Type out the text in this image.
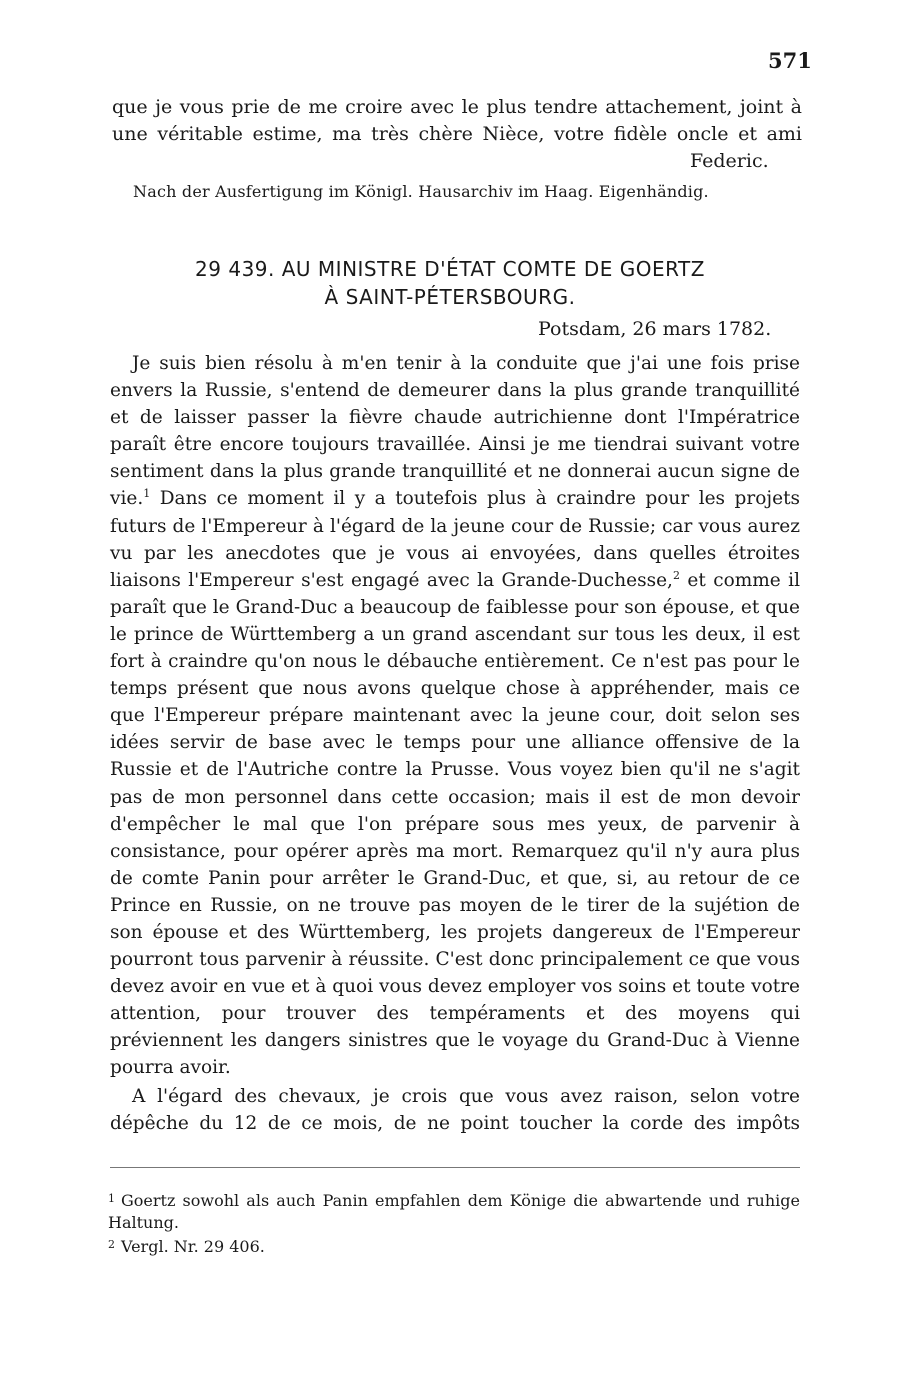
571

que je vous prie de me croire avec le plus tendre attachement, joint à une véritable estime, ma très chère Nièce, votre fidèle oncle et ami

Federic.
Nach der Ausfertigung im Königl. Hausarchiv im Haag. Eigenhändig.
29 439. AU MINISTRE D'ÉTAT COMTE DE GOERTZ
À SAINT-PÉTERSBOURG.
Potsdam, 26 mars 1782.

Je suis bien résolu à m'en tenir à la conduite que j'ai une fois prise envers la Russie, s'entend de demeurer dans la plus grande tranquillité et de laisser passer la fièvre chaude autrichienne dont l'Impératrice paraît être encore toujours travaillée. Ainsi je me tiendrai suivant votre sentiment dans la plus grande tranquillité et ne donnerai aucun signe de vie.$^1$ Dans ce moment il y a toutefois plus à craindre pour les projets futurs de l'Empereur à l'égard de la jeune cour de Russie; car vous aurez vu par les anecdotes que je vous ai envoyées, dans quelles étroites liaisons l'Empereur s'est engagé avec la Grande-Duchesse,$^2$ et comme il paraît que le Grand-Duc a beaucoup de faiblesse pour son épouse, et que le prince de Württemberg a un grand ascendant sur tous les deux, il est fort à craindre qu'on nous le débauche entièrement. Ce n'est pas pour le temps présent que nous avons quelque chose à appréhender, mais ce que l'Empereur prépare maintenant avec la jeune cour, doit selon ses idées servir de base avec le temps pour une alliance offensive de la Russie et de l'Autriche contre la Prusse. Vous voyez bien qu'il ne s'agit pas de mon personnel dans cette occasion; mais il est de mon devoir d'empêcher le mal que l'on prépare sous mes yeux, de parvenir à consistance, pour opérer après ma mort. Remarquez qu'il n'y aura plus de comte Panin pour arrêter le Grand-Duc, et que, si, au retour de ce Prince en Russie, on ne trouve pas moyen de le tirer de la sujétion de son épouse et des Württemberg, les projets dangereux de l'Empereur pourront tous parvenir à réussite. C'est donc principalement ce que vous devez avoir en vue et à quoi vous devez employer vos soins et toute votre attention, pour trouver des tempéraments et des moyens qui préviennent les dangers sinistres que le voyage du Grand-Duc à Vienne pourra avoir.

A l'égard des chevaux, je crois que vous avez raison, selon votre dépêche du 12 de ce mois, de ne point toucher la corde des impôts

$^1$ Goertz sowohl als auch Panin empfahlen dem Könige die abwartende und ruhige Haltung.

$^2$ Vergl. Nr. 29 406.
